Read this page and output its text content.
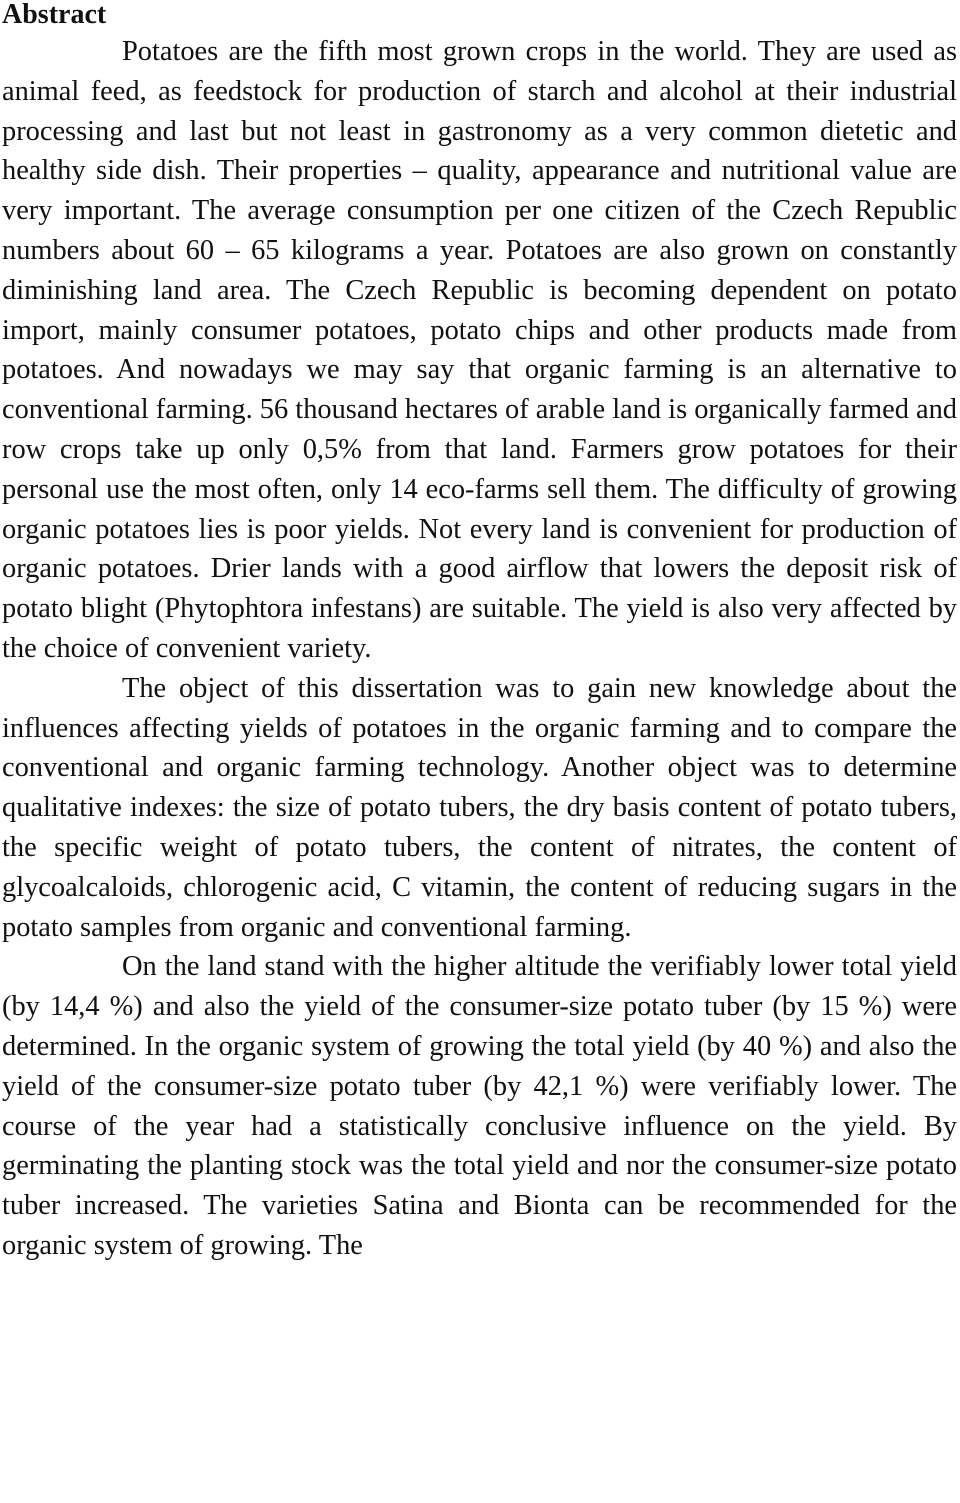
Abstract

Potatoes are the fifth most grown crops in the world. They are used as animal feed, as feedstock for production of starch and alcohol at their industrial processing and last but not least in gastronomy as a very common dietetic and healthy side dish. Their properties – quality, appearance and nutritional value are very important. The average consumption per one citizen of the Czech Republic numbers about 60 – 65 kilograms a year. Potatoes are also grown on constantly diminishing land area. The Czech Republic is becoming dependent on potato import, mainly consumer potatoes, potato chips and other products made from potatoes. And nowadays we may say that organic farming is an alternative to conventional farming. 56 thousand hectares of arable land is organically farmed and row crops take up only 0,5% from that land. Farmers grow potatoes for their personal use the most often, only 14 eco-farms sell them. The difficulty of growing organic potatoes lies is poor yields. Not every land is convenient for production of organic potatoes. Drier lands with a good airflow that lowers the deposit risk of potato blight (Phytophtora infestans) are suitable. The yield is also very affected by the choice of convenient variety.

The object of this dissertation was to gain new knowledge about the influences affecting yields of potatoes in the organic farming and to compare the conventional and organic farming technology. Another object was to determine qualitative indexes: the size of potato tubers, the dry basis content of potato tubers, the specific weight of potato tubers, the content of nitrates, the content of glycoalcaloids, chlorogenic acid, C vitamin, the content of reducing sugars in the potato samples from organic and conventional farming.

On the land stand with the higher altitude the verifiably lower total yield (by 14,4 %) and also the yield of the consumer-size potato tuber (by 15 %) were determined. In the organic system of growing the total yield (by 40 %) and also the yield of the consumer-size potato tuber (by 42,1 %) were verifiably lower. The course of the year had a statistically conclusive influence on the yield. By germinating the planting stock was the total yield and nor the consumer-size potato tuber increased. The varieties Satina and Bionta can be recommended for the organic system of growing. The
